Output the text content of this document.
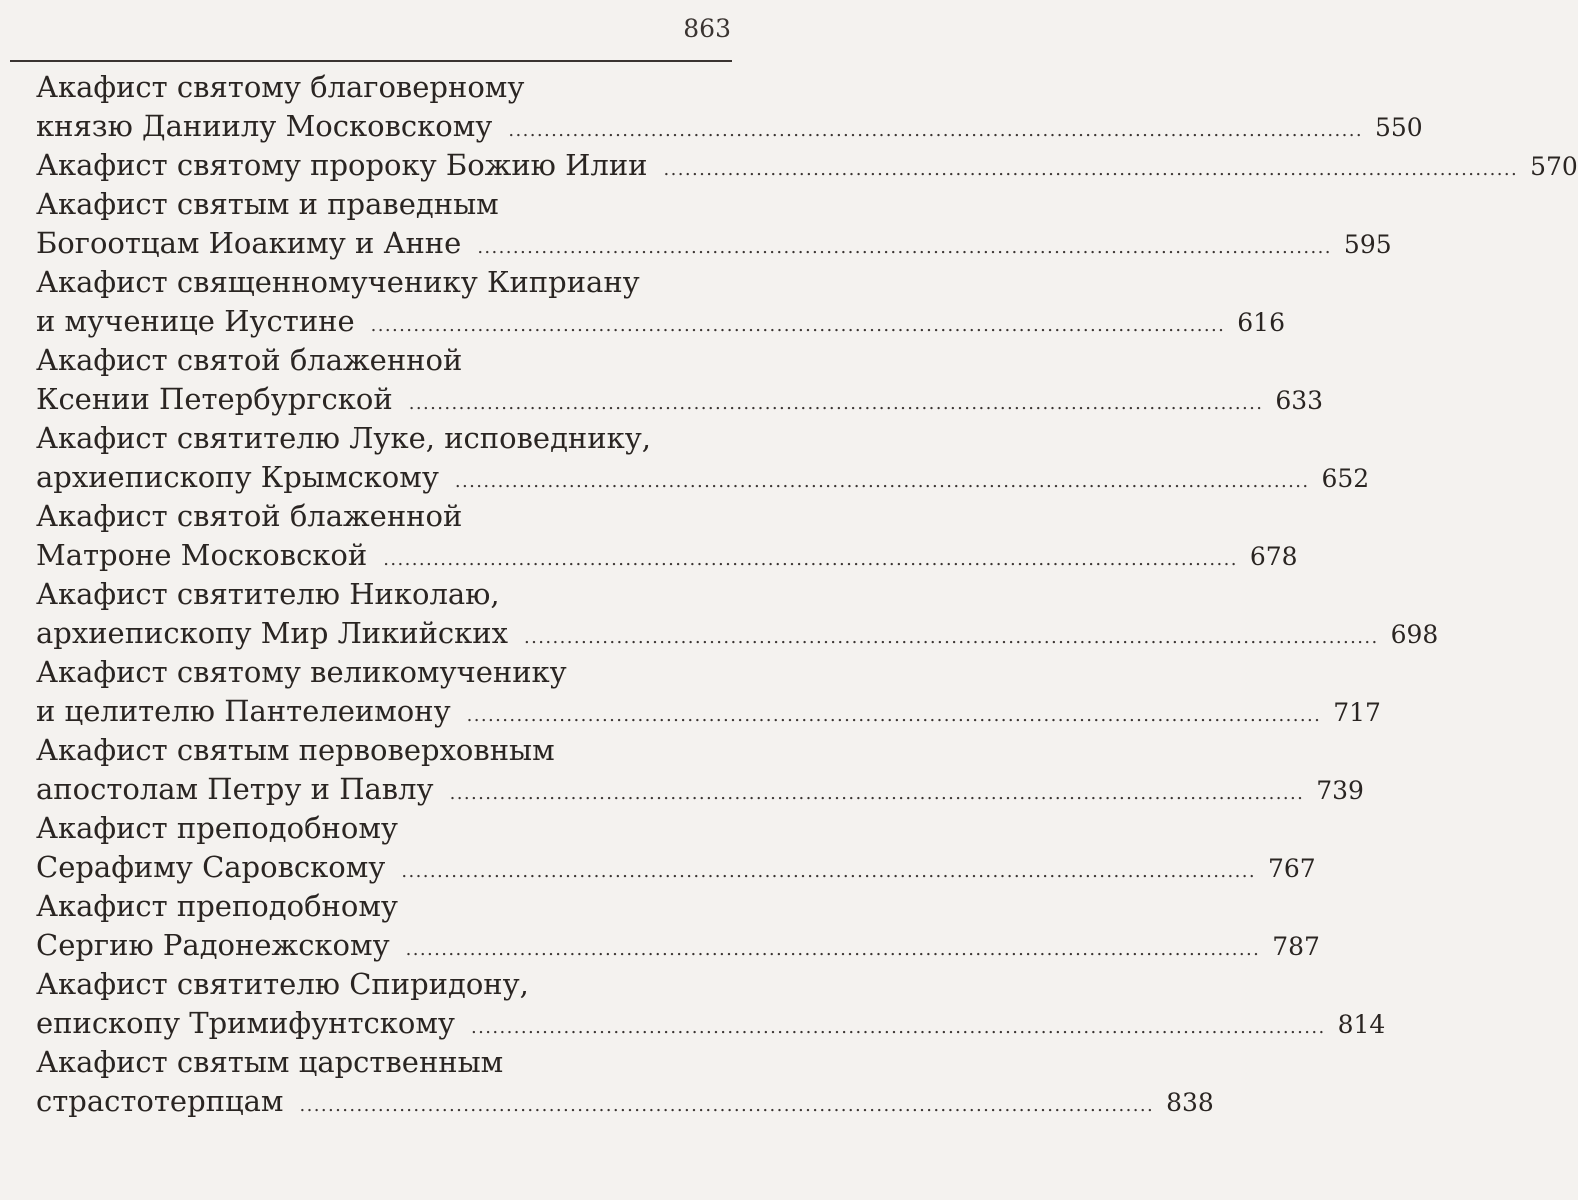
863
Акафист святому благоверному
князю Даниилу Московскому ........................................................................................................................ 550
Акафист святому пророку Божию Илии ........................................................................................................................ 570
Акафист святым и праведным
Богоотцам Иоакиму и Анне ........................................................................................................................ 595
Акафист священномученику Киприану
и мученице Иустине ........................................................................................................................ 616
Акафист святой блаженной
Ксении Петербургской ........................................................................................................................ 633
Акафист святителю Луке, исповеднику,
архиепископу Крымскому ........................................................................................................................ 652
Акафист святой блаженной
Матроне Московской ........................................................................................................................ 678
Акафист святителю Николаю,
архиепископу Мир Ликийских ........................................................................................................................ 698
Акафист святому великомученику
и целителю Пантелеимону ........................................................................................................................ 717
Акафист святым первоверховным
апостолам Петру и Павлу ........................................................................................................................ 739
Акафист преподобному
Серафиму Саровскому ........................................................................................................................ 767
Акафист преподобному
Сергию Радонежскому ........................................................................................................................ 787
Акафист святителю Спиридону,
епископу Тримифунтскому ........................................................................................................................ 814
Акафист святым царственным
страстотерпцам ........................................................................................................................ 838
